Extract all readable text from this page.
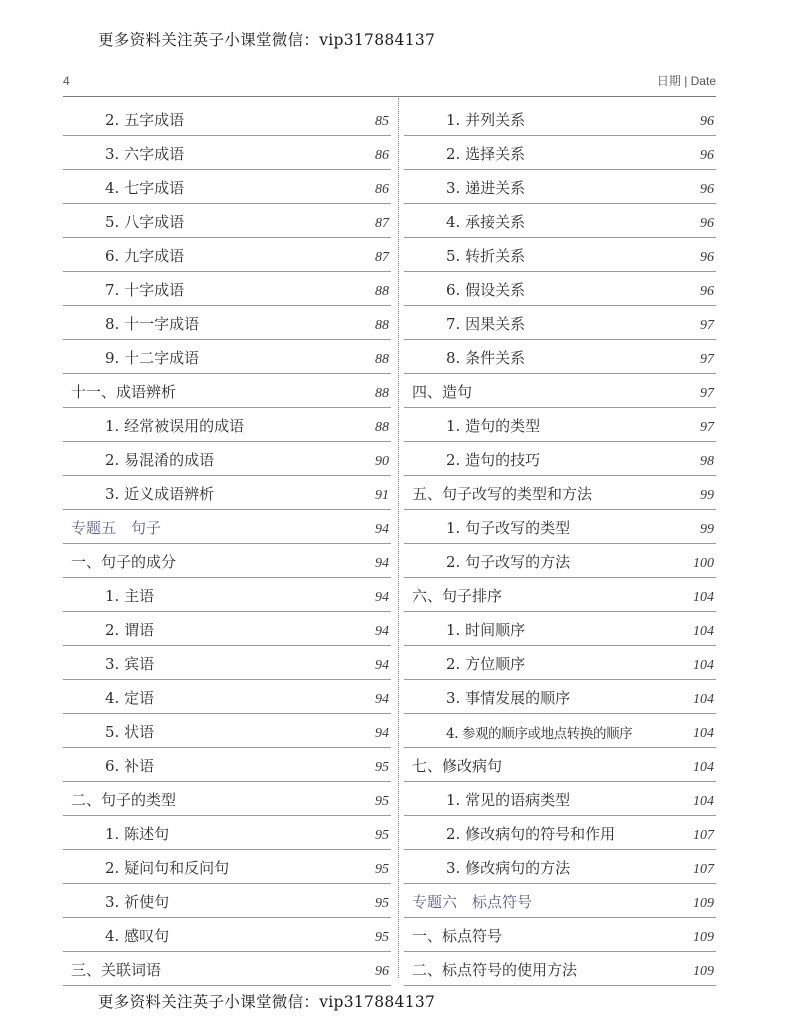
更多资料关注英子小课堂微信：vip317884137
4	日期 | Date
2. 五字成语	85
3. 六字成语	86
4. 七字成语	86
5. 八字成语	87
6. 九字成语	87
7. 十字成语	88
8. 十一字成语	88
9. 十二字成语	88
十一、成语辨析	88
1. 经常被误用的成语	88
2. 易混淆的成语	90
3. 近义成语辨析	91
专题五　句子	94
一、句子的成分	94
1. 主语	94
2. 谓语	94
3. 宾语	94
4. 定语	94
5. 状语	94
6. 补语	95
二、句子的类型	95
1. 陈述句	95
2. 疑问句和反问句	95
3. 祈使句	95
4. 感叹句	95
三、关联词语	96
1. 并列关系	96
2. 选择关系	96
3. 递进关系	96
4. 承接关系	96
5. 转折关系	96
6. 假设关系	96
7. 因果关系	97
8. 条件关系	97
四、造句	97
1. 造句的类型	97
2. 造句的技巧	98
五、句子改写的类型和方法	99
1. 句子改写的类型	99
2. 句子改写的方法	100
六、句子排序	104
1. 时间顺序	104
2. 方位顺序	104
3. 事情发展的顺序	104
4. 参观的顺序或地点转换的顺序	104
七、修改病句	104
1. 常见的语病类型	104
2. 修改病句的符号和作用	107
3. 修改病句的方法	107
专题六　标点符号	109
一、标点符号	109
二、标点符号的使用方法	109
更多资料关注英子小课堂微信：vip317884137
